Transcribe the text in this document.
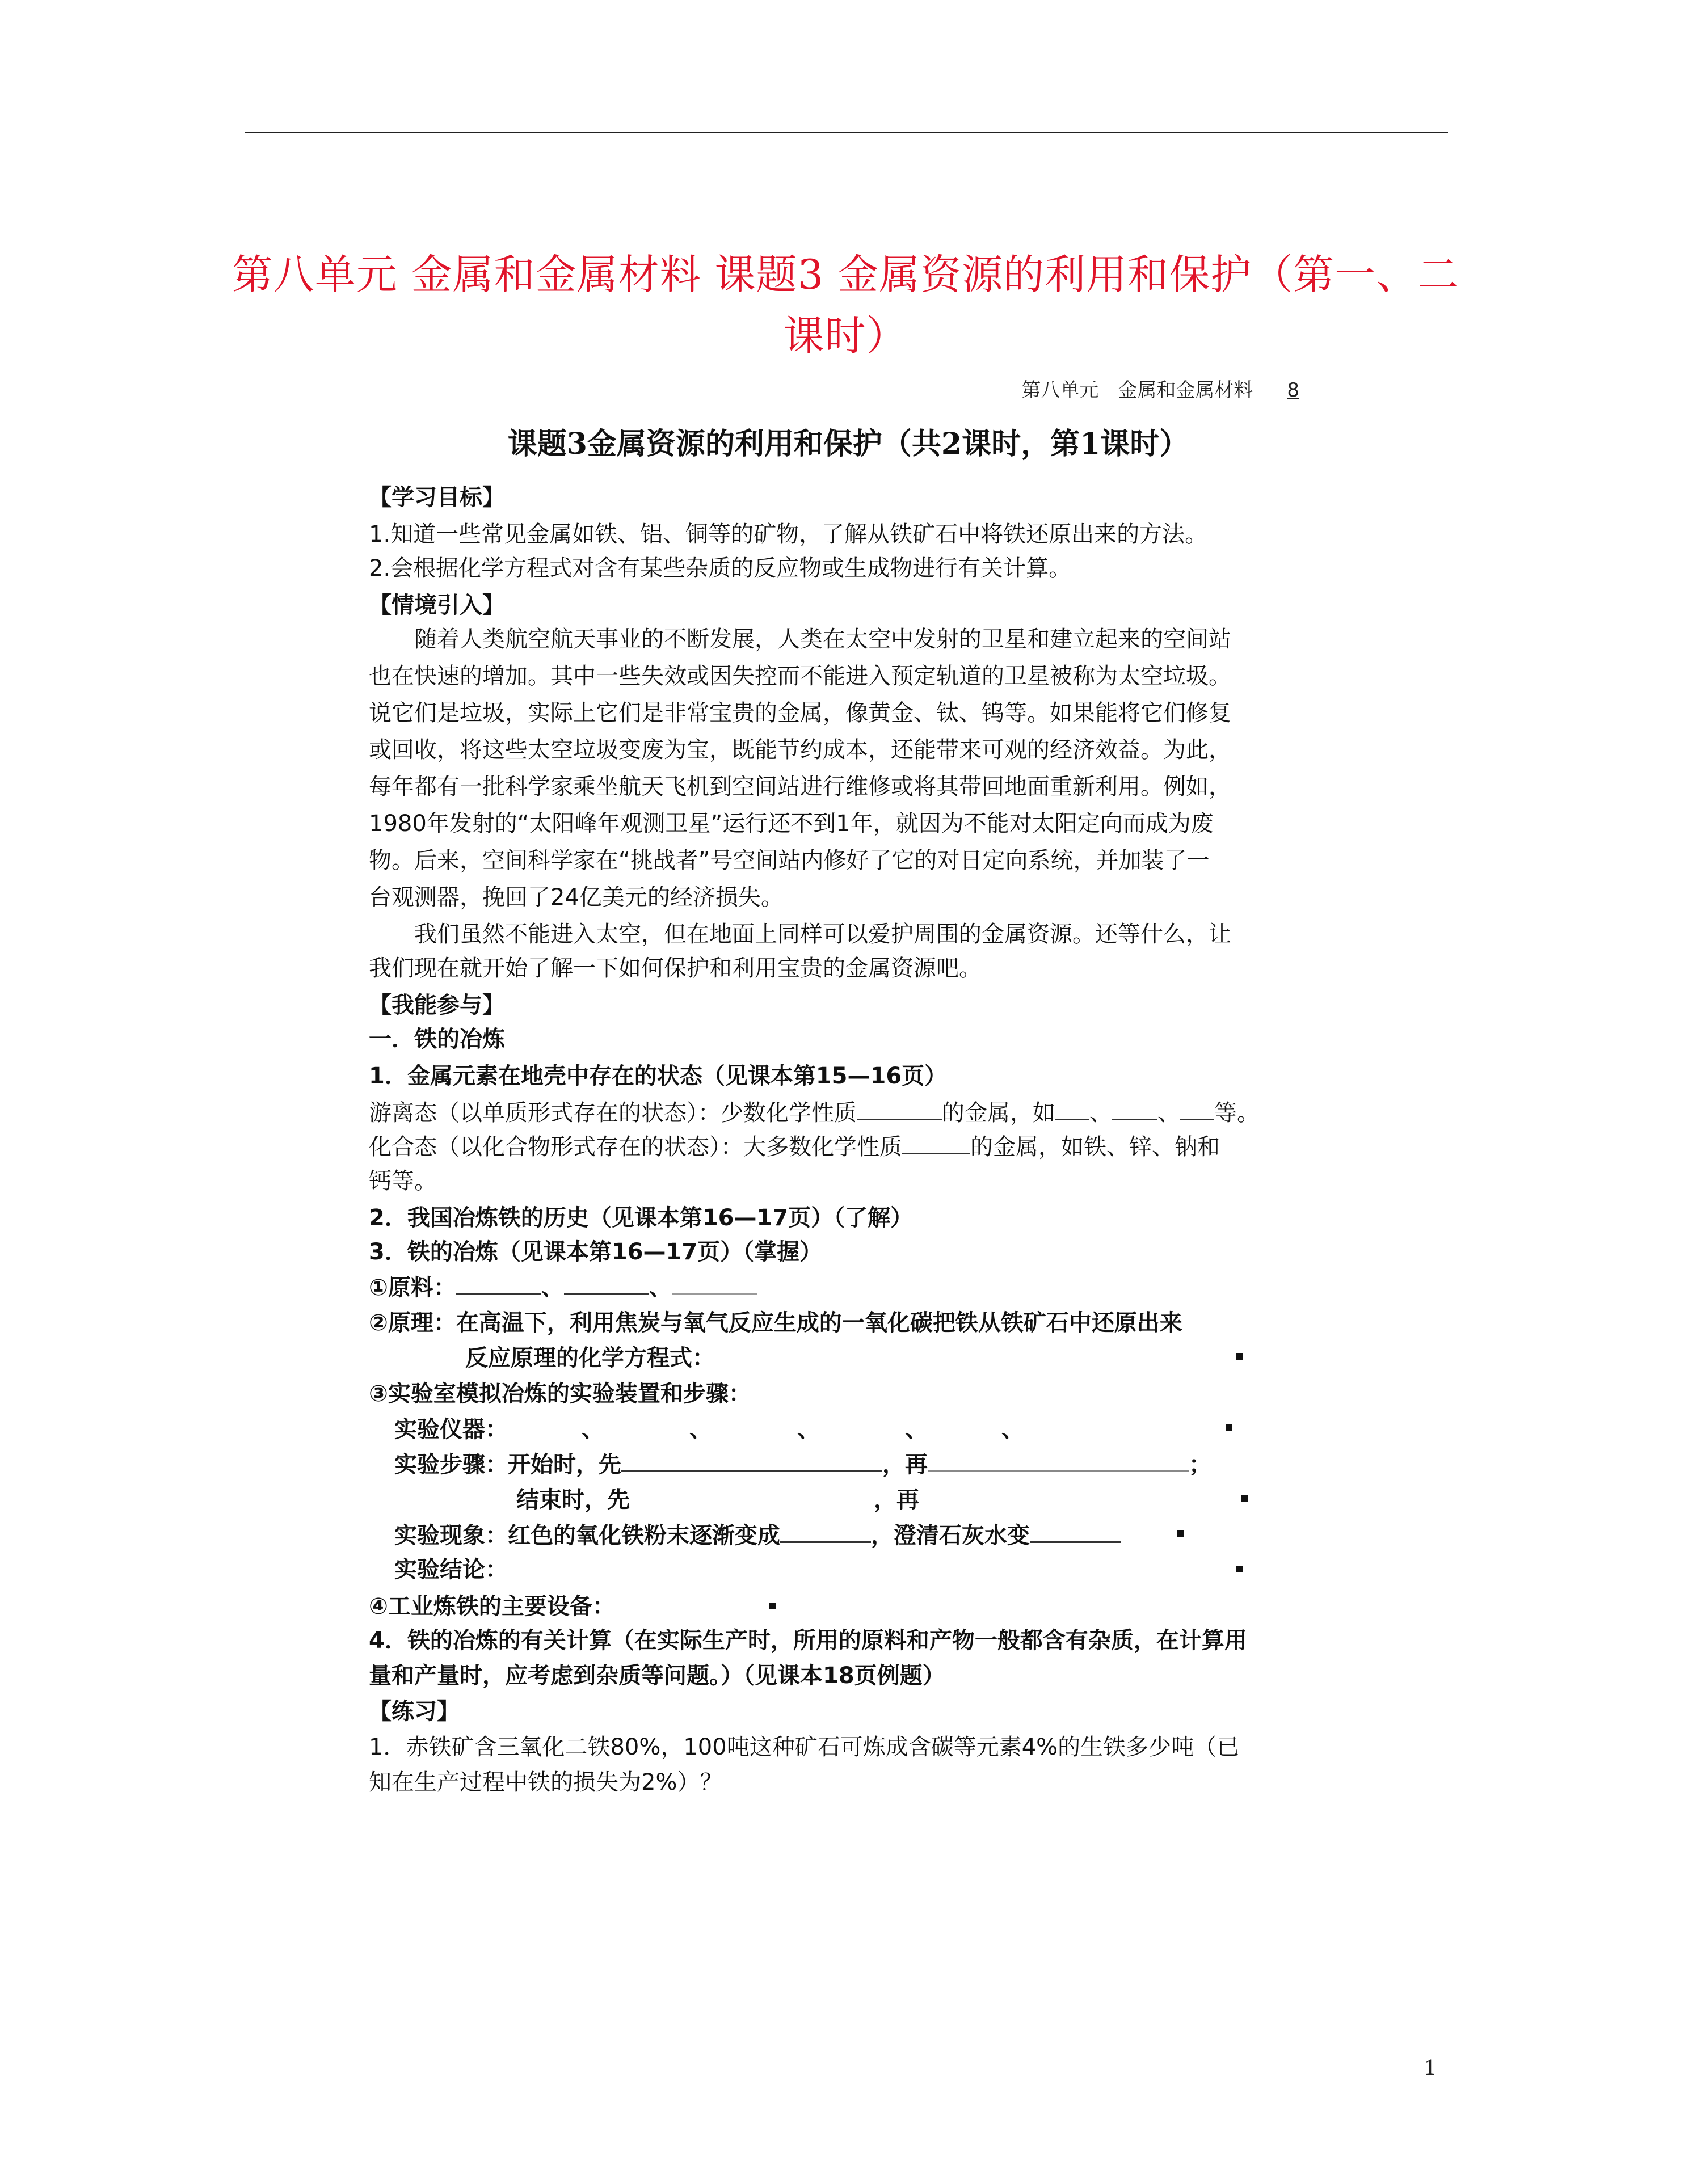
第八单元 金属和金属材料 课题3 金属资源的利用和保护（第一、二
课时）
第八单元　金属和金属材料 8
课题3金属资源的利用和保护（共2课时，第1课时）
【学习目标】
1.知道一些常见金属如铁、铝、铜等的矿物，了解从铁矿石中将铁还原出来的方法。
2.会根据化学方程式对含有某些杂质的反应物或生成物进行有关计算。
【情境引入】
随着人类航空航天事业的不断发展，人类在太空中发射的卫星和建立起来的空间站
也在快速的增加。其中一些失效或因失控而不能进入预定轨道的卫星被称为太空垃圾。
说它们是垃圾，实际上它们是非常宝贵的金属，像黄金、钛、钨等。如果能将它们修复
或回收，将这些太空垃圾变废为宝，既能节约成本，还能带来可观的经济效益。为此，
每年都有一批科学家乘坐航天飞机到空间站进行维修或将其带回地面重新利用。例如，
1980年发射的“太阳峰年观测卫星”运行还不到1年，就因为不能对太阳定向而成为废
物。后来，空间科学家在“挑战者”号空间站内修好了它的对日定向系统，并加装了一
台观测器，挽回了24亿美元的经济损失。
我们虽然不能进入太空，但在地面上同样可以爱护周围的金属资源。还等什么，让
我们现在就开始了解一下如何保护和利用宝贵的金属资源吧。
【我能参与】
一．铁的冶炼
1．金属元素在地壳中存在的状态（见课本第15—16页）
游离态（以单质形式存在的状态）：少数化学性质	的金属，如 、 、 等。
化合态（以化合物形式存在的状态）：大多数化学性质	的金属，如铁、锌、钠和
钙等。
2．我国冶炼铁的历史（见课本第16—17页）（了解）
3．铁的冶炼（见课本第16—17页）（掌握）
①原料：	、	、
②原理：在高温下，利用焦炭与氧气反应生成的一氧化碳把铁从铁矿石中还原出来
反应原理的化学方程式：
③实验室模拟冶炼的实验装置和步骤：
实验仪器：	、	、	、	、	、
实验步骤：开始时，先	，再	；
结束时，先	，再
实验现象：红色的氧化铁粉末逐渐变成	，澄清石灰水变
实验结论：
④工业炼铁的主要设备：
4．铁的冶炼的有关计算（在实际生产时，所用的原料和产物一般都含有杂质，在计算用
量和产量时，应考虑到杂质等问题。）（见课本18页例题）
【练习】
1．赤铁矿含三氧化二铁80%，100吨这种矿石可炼成含碳等元素4%的生铁多少吨（已
知在生产过程中铁的损失为2%）？
1
